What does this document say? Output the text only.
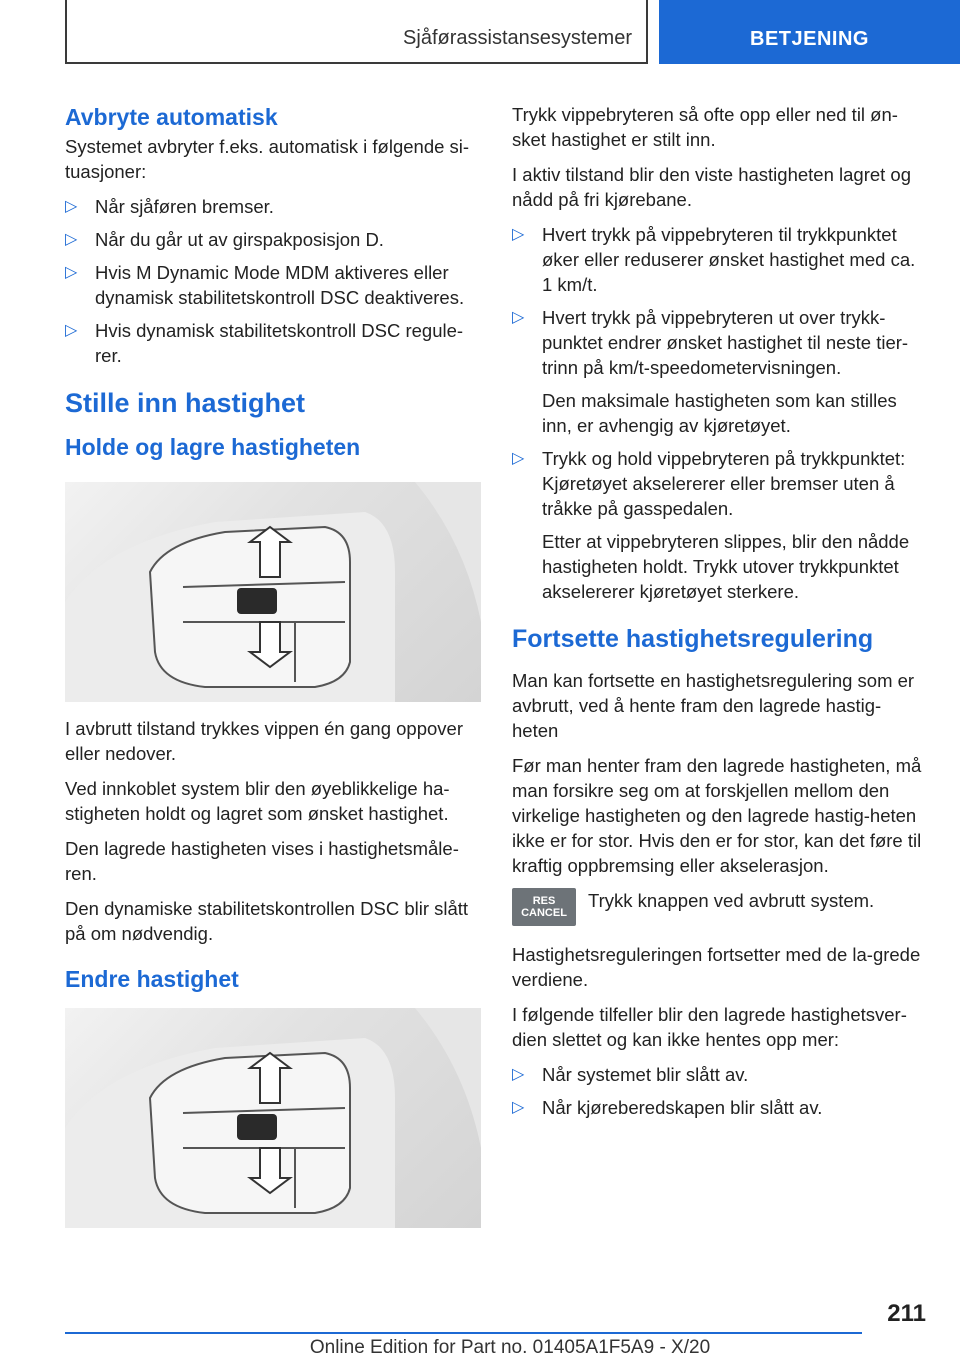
Sjåførassistansesystemer	BETJENING
Avbryte automatisk

Systemet avbryter f.eks. automatisk i følgende si-tuasjoner:

▷ Når sjåføren bremser.
▷ Når du går ut av girspakposisjon D.
▷ Hvis M Dynamic Mode MDM aktiveres eller dynamisk stabilitetskontroll DSC deaktiveres.
▷ Hvis dynamisk stabilitetskontroll DSC regule-rer.
Stille inn hastighet
Holde og lagre hastigheten

I avbrutt tilstand trykkes vippen én gang oppover eller nedover.

Ved innkoblet system blir den øyeblikkelige ha-stigheten holdt og lagret som ønsket hastighet.

Den lagrede hastigheten vises i hastighetsmåle-ren.

Den dynamiske stabilitetskontrollen DSC blir slått på om nødvendig.

Endre hastighet

Trykk vippebryteren så ofte opp eller ned til øn-sket hastighet er stilt inn.

I aktiv tilstand blir den viste hastigheten lagret og nådd på fri kjørebane.

▷ Hvert trykk på vippebryteren til trykkpunktet øker eller reduserer ønsket hastighet med ca. 1 km/t.
▷ Hvert trykk på vippebryteren ut over trykk-punktet endrer ønsket hastighet til neste tier-trinn på km/t-speedometervisningen.
Den maksimale hastigheten som kan stilles inn, er avhengig av kjøretøyet.
▷ Trykk og hold vippebryteren på trykkpunktet: Kjøretøyet akselererer eller bremser uten å tråkke på gasspedalen.
Etter at vippebryteren slippes, blir den nådde hastigheten holdt. Trykk utover trykkpunktet akselererer kjøretøyet sterkere.
Fortsette hastighetsregulering

Man kan fortsette en hastighetsregulering som er avbrutt, ved å hente fram den lagrede hastig-heten

Før man henter fram den lagrede hastigheten, må man forsikre seg om at forskjellen mellom den virkelige hastigheten og den lagrede hastig-heten ikke er for stor. Hvis den er for stor, kan det føre til kraftig oppbremsing eller akselerasjon.

RES
CANCEL

Trykk knappen ved avbrutt system.

Hastighetsreguleringen fortsetter med de la-grede verdiene.

I følgende tilfeller blir den lagrede hastighetsver-dien slettet og kan ikke hentes opp mer:

▷ Når systemet blir slått av.
▷ Når kjøreberedskapen blir slått av.
211
Online Edition for Part no. 01405A1F5A9 - X/20
